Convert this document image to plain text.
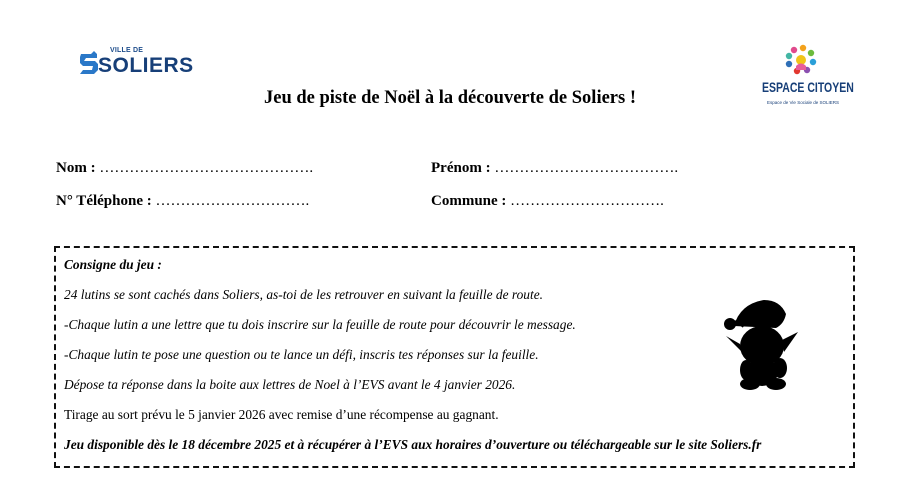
VILLE DE
SOLIERS
Jeu de piste de Noël à la découverte de Soliers !	ESPACE CITOYEN
Espace de Vie Sociale de SOLIERS
Nom : …………………………………….	Prénom : ……………………………….
N° Téléphone : ………………………….	Commune : ………………………….
Consigne du jeu :
24 lutins se sont cachés dans Soliers, as-toi de les retrouver en suivant la feuille de route.
-Chaque lutin a une lettre que tu dois inscrire sur la feuille de route pour découvrir le message.
-Chaque lutin te pose une question ou te lance un défi, inscris tes réponses sur la feuille.
Dépose ta réponse dans la boite aux lettres de Noel à l’EVS avant le 4 janvier 2026.
Tirage au sort prévu le 5 janvier 2026 avec remise d’une récompense au gagnant.
Jeu disponible dès le 18 décembre 2025 et à récupérer à l’EVS aux horaires d’ouverture ou téléchargeable sur le site Soliers.fr
